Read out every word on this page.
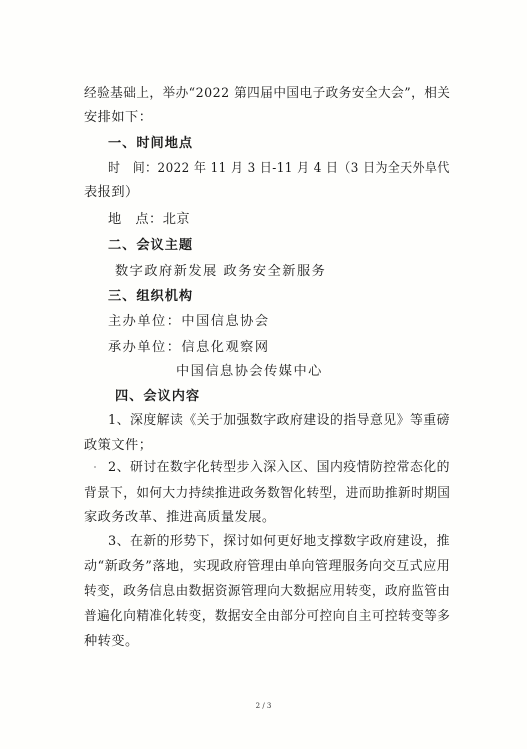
经验基础上，举办“2022 第四届中国电子政务安全大会”，相关
安排如下：
一、时间地点
时　间：2022 年 11 月 3 日-11 月 4 日（3 日为全天外阜代
表报到）
地　点：北京
二、会议主题
数字政府新发展 政务安全新服务
三、组织机构
主办单位：中国信息协会
承办单位：信息化观察网
中国信息协会传媒中心
四、会议内容
1、深度解读《关于加强数字政府建设的指导意见》等重磅
政策文件；
2、研讨在数字化转型步入深入区、国内疫情防控常态化的
背景下，如何大力持续推进政务数智化转型，进而助推新时期国
家政务改革、推进高质量发展。
3、在新的形势下，探讨如何更好地支撑数字政府建设，推
动“新政务”落地，实现政府管理由单向管理服务向交互式应用
转变，政务信息由数据资源管理向大数据应用转变，政府监管由
普遍化向精准化转变，数据安全由部分可控向自主可控转变等多
种转变。
2 / 3
